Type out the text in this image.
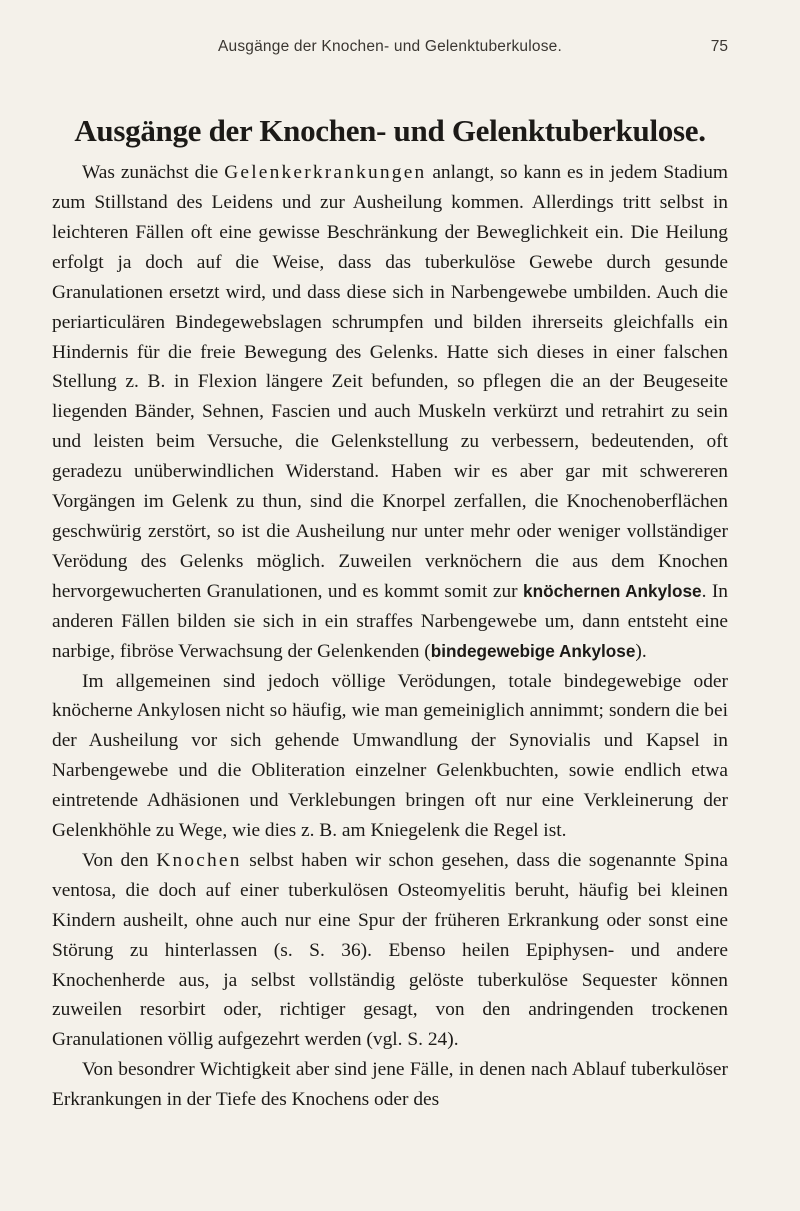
Ausgänge der Knochen- und Gelenktuberkulose.	75
Ausgänge der Knochen- und Gelenktuberkulose.

Was zunächst die Gelenkerkrankungen anlangt, so kann es in jedem Stadium zum Stillstand des Leidens und zur Ausheilung kommen. Allerdings tritt selbst in leichteren Fällen oft eine gewisse Beschränkung der Beweglichkeit ein. Die Heilung erfolgt ja doch auf die Weise, dass das tuberkulöse Gewebe durch gesunde Granulationen ersetzt wird, und dass diese sich in Narbengewebe umbilden. Auch die periarticulären Bindegewebslagen schrumpfen und bilden ihrerseits gleichfalls ein Hindernis für die freie Bewegung des Gelenks. Hatte sich dieses in einer falschen Stellung z. B. in Flexion längere Zeit befunden, so pflegen die an der Beugeseite liegenden Bänder, Sehnen, Fascien und auch Muskeln verkürzt und retrahirt zu sein und leisten beim Versuche, die Gelenkstellung zu verbessern, bedeutenden, oft geradezu unüberwindlichen Widerstand. Haben wir es aber gar mit schwereren Vorgängen im Gelenk zu thun, sind die Knorpel zerfallen, die Knochenoberflächen geschwürig zerstört, so ist die Ausheilung nur unter mehr oder weniger vollständiger Verödung des Gelenks möglich. Zuweilen verknöchern die aus dem Knochen hervorgewucherten Granulationen, und es kommt somit zur knöchernen Ankylose. In anderen Fällen bilden sie sich in ein straffes Narbengewebe um, dann entsteht eine narbige, fibröse Verwachsung der Gelenkenden (bindegewebige Ankylose).

Im allgemeinen sind jedoch völlige Verödungen, totale bindegewebige oder knöcherne Ankylosen nicht so häufig, wie man gemeiniglich annimmt; sondern die bei der Ausheilung vor sich gehende Umwandlung der Synovialis und Kapsel in Narbengewebe und die Obliteration einzelner Gelenkbuchten, sowie endlich etwa eintretende Adhäsionen und Verklebungen bringen oft nur eine Verkleinerung der Gelenkhöhle zu Wege, wie dies z. B. am Kniegelenk die Regel ist.

Von den Knochen selbst haben wir schon gesehen, dass die sogenannte Spina ventosa, die doch auf einer tuberkulösen Osteomyelitis beruht, häufig bei kleinen Kindern ausheilt, ohne auch nur eine Spur der früheren Erkrankung oder sonst eine Störung zu hinterlassen (s. S. 36). Ebenso heilen Epiphysen- und andere Knochenherde aus, ja selbst vollständig gelöste tuberkulöse Sequester können zuweilen resorbirt oder, richtiger gesagt, von den andringenden trockenen Granulationen völlig aufgezehrt werden (vgl. S. 24).

Von besondrer Wichtigkeit aber sind jene Fälle, in denen nach Ablauf tuberkulöser Erkrankungen in der Tiefe des Knochens oder des
